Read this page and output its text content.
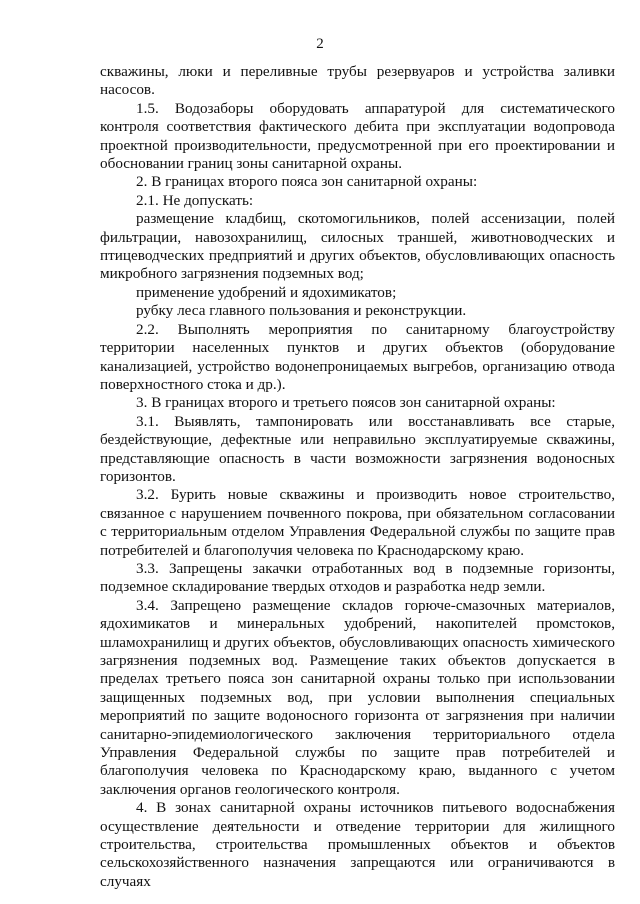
2

скважины, люки и переливные трубы резервуаров и устройства заливки насосов.

1.5. Водозаборы оборудовать аппаратурой для систематического контроля соответствия фактического дебита при эксплуатации водопровода проектной производительности, предусмотренной при его проектировании и обосновании границ зоны санитарной охраны.

2. В границах второго пояса зон санитарной охраны:

2.1. Не допускать:

размещение кладбищ, скотомогильников, полей ассенизации, полей фильтрации, навозохранилищ, силосных траншей, животноводческих и птицеводческих предприятий и других объектов, обусловливающих опасность микробного загрязнения подземных вод;

применение удобрений и ядохимикатов;

рубку леса главного пользования и реконструкции.

2.2. Выполнять мероприятия по санитарному благоустройству территории населенных пунктов и других объектов (оборудование канализацией, устройство водонепроницаемых выгребов, организацию отвода поверхностного стока и др.).

3. В границах второго и третьего поясов зон санитарной охраны:

3.1. Выявлять, тампонировать или восстанавливать все старые, бездействующие, дефектные или неправильно эксплуатируемые скважины, представляющие опасность в части возможности загрязнения водоносных горизонтов.

3.2. Бурить новые скважины и производить новое строительство, связанное с нарушением почвенного покрова, при обязательном согласовании с территориальным отделом Управления Федеральной службы по защите прав потребителей и благополучия человека по Краснодарскому краю.

3.3. Запрещены закачки отработанных вод в подземные горизонты, подземное складирование твердых отходов и разработка недр земли.

3.4. Запрещено размещение складов горюче-смазочных материалов, ядохимикатов и минеральных удобрений, накопителей промстоков, шламохранилищ и других объектов, обусловливающих опасность химического загрязнения подземных вод. Размещение таких объектов допускается в пределах третьего пояса зон санитарной охраны только при использовании защищенных подземных вод, при условии выполнения специальных мероприятий по защите водоносного горизонта от загрязнения при наличии санитарно-эпидемиологического заключения территориального отдела Управления Федеральной службы по защите прав потребителей и благополучия человека по Краснодарскому краю, выданного с учетом заключения органов геологического контроля.

4. В зонах санитарной охраны источников питьевого водоснабжения осуществление деятельности и отведение территории для жилищного строительства, строительства промышленных объектов и объектов сельскохозяйственного назначения запрещаются или ограничиваются в случаях
